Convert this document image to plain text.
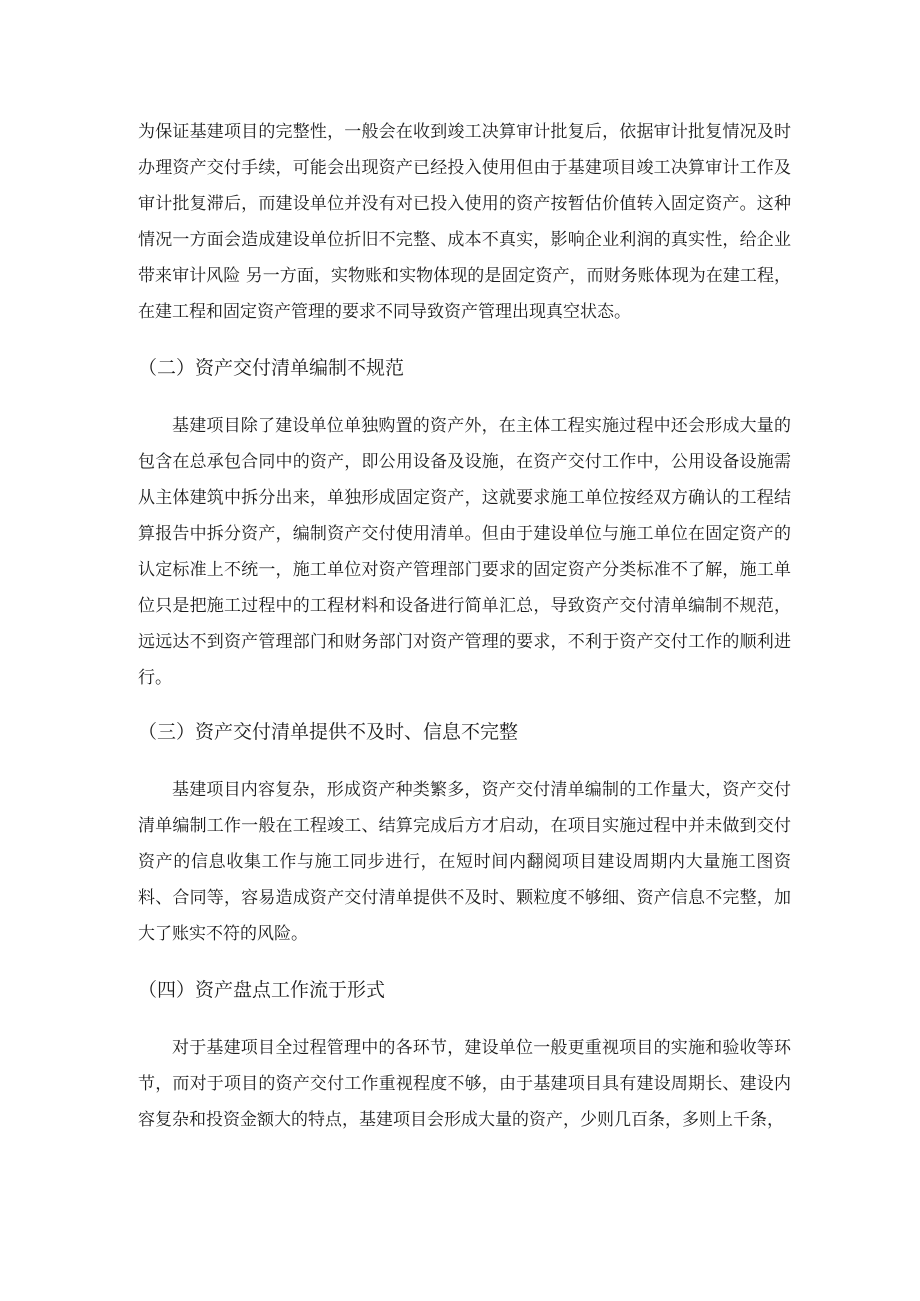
为保证基建项目的完整性，一般会在收到竣工决算审计批复后，依据审计批复情况及时办理资产交付手续，可能会出现资产已经投入使用但由于基建项目竣工决算审计工作及审计批复滞后，而建设单位并没有对已投入使用的资产按暂估价值转入固定资产。这种情况一方面会造成建设单位折旧不完整、成本不真实，影响企业利润的真实性，给企业带来审计风险 另一方面，实物账和实物体现的是固定资产，而财务账体现为在建工程，在建工程和固定资产管理的要求不同导致资产管理出现真空状态。

（二）资产交付清单编制不规范

基建项目除了建设单位单独购置的资产外，在主体工程实施过程中还会形成大量的包含在总承包合同中的资产，即公用设备及设施，在资产交付工作中，公用设备设施需从主体建筑中拆分出来，单独形成固定资产，这就要求施工单位按经双方确认的工程结算报告中拆分资产，编制资产交付使用清单。但由于建设单位与施工单位在固定资产的认定标准上不统一，施工单位对资产管理部门要求的固定资产分类标准不了解，施工单位只是把施工过程中的工程材料和设备进行简单汇总，导致资产交付清单编制不规范，远远达不到资产管理部门和财务部门对资产管理的要求，不利于资产交付工作的顺利进行。

（三）资产交付清单提供不及时、信息不完整

基建项目内容复杂，形成资产种类繁多，资产交付清单编制的工作量大，资产交付清单编制工作一般在工程竣工、结算完成后方才启动，在项目实施过程中并未做到交付资产的信息收集工作与施工同步进行，在短时间内翻阅项目建设周期内大量施工图资料、合同等，容易造成资产交付清单提供不及时、颗粒度不够细、资产信息不完整，加大了账实不符的风险。

（四）资产盘点工作流于形式

对于基建项目全过程管理中的各环节，建设单位一般更重视项目的实施和验收等环节，而对于项目的资产交付工作重视程度不够，由于基建项目具有建设周期长、建设内容复杂和投资金额大的特点，基建项目会形成大量的资产，少则几百条，多则上千条，
